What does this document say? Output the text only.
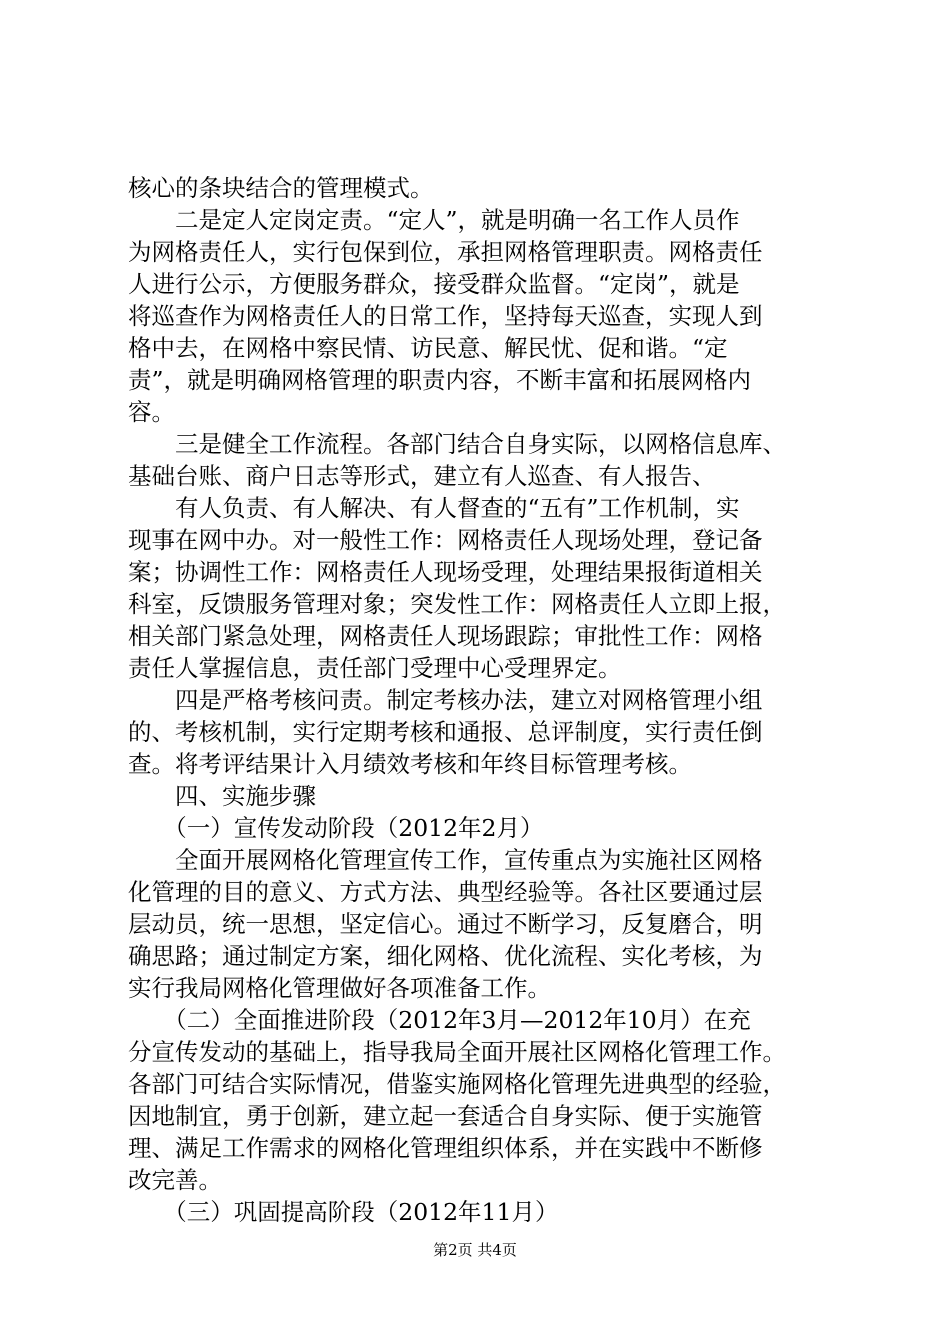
核心的条块结合的管理模式。
　　二是定人定岗定责。“定人”，就是明确一名工作人员作
为网格责任人，实行包保到位，承担网格管理职责。网格责任
人进行公示，方便服务群众，接受群众监督。“定岗”，就是
将巡查作为网格责任人的日常工作，坚持每天巡查，实现人到
格中去，在网格中察民情、访民意、解民忧、促和谐。“定
责”，就是明确网格管理的职责内容，不断丰富和拓展网格内
容。
　　三是健全工作流程。各部门结合自身实际，以网格信息库、
基础台账、商户日志等形式，建立有人巡查、有人报告、
　　有人负责、有人解决、有人督查的“五有”工作机制，实
现事在网中办。对一般性工作：网格责任人现场处理，登记备
案；协调性工作：网格责任人现场受理，处理结果报街道相关
科室，反馈服务管理对象；突发性工作：网格责任人立即上报，
相关部门紧急处理，网格责任人现场跟踪；审批性工作：网格
责任人掌握信息，责任部门受理中心受理界定。
　　四是严格考核问责。制定考核办法，建立对网格管理小组
的、考核机制，实行定期考核和通报、总评制度，实行责任倒
查。将考评结果计入月绩效考核和年终目标管理考核。
　　四、实施步骤
　　（一）宣传发动阶段（2012年2月）
　　全面开展网格化管理宣传工作，宣传重点为实施社区网格
化管理的目的意义、方式方法、典型经验等。各社区要通过层
层动员，统一思想，坚定信心。通过不断学习，反复磨合，明
确思路；通过制定方案，细化网格、优化流程、实化考核，为
实行我局网格化管理做好各项准备工作。
　　（二）全面推进阶段（2012年3月—2012年10月）在充
分宣传发动的基础上，指导我局全面开展社区网格化管理工作。
各部门可结合实际情况，借鉴实施网格化管理先进典型的经验，
因地制宜，勇于创新，建立起一套适合自身实际、便于实施管
理、满足工作需求的网格化管理组织体系，并在实践中不断修
改完善。
　　（三）巩固提高阶段（2012年11月）
第2页 共4页
